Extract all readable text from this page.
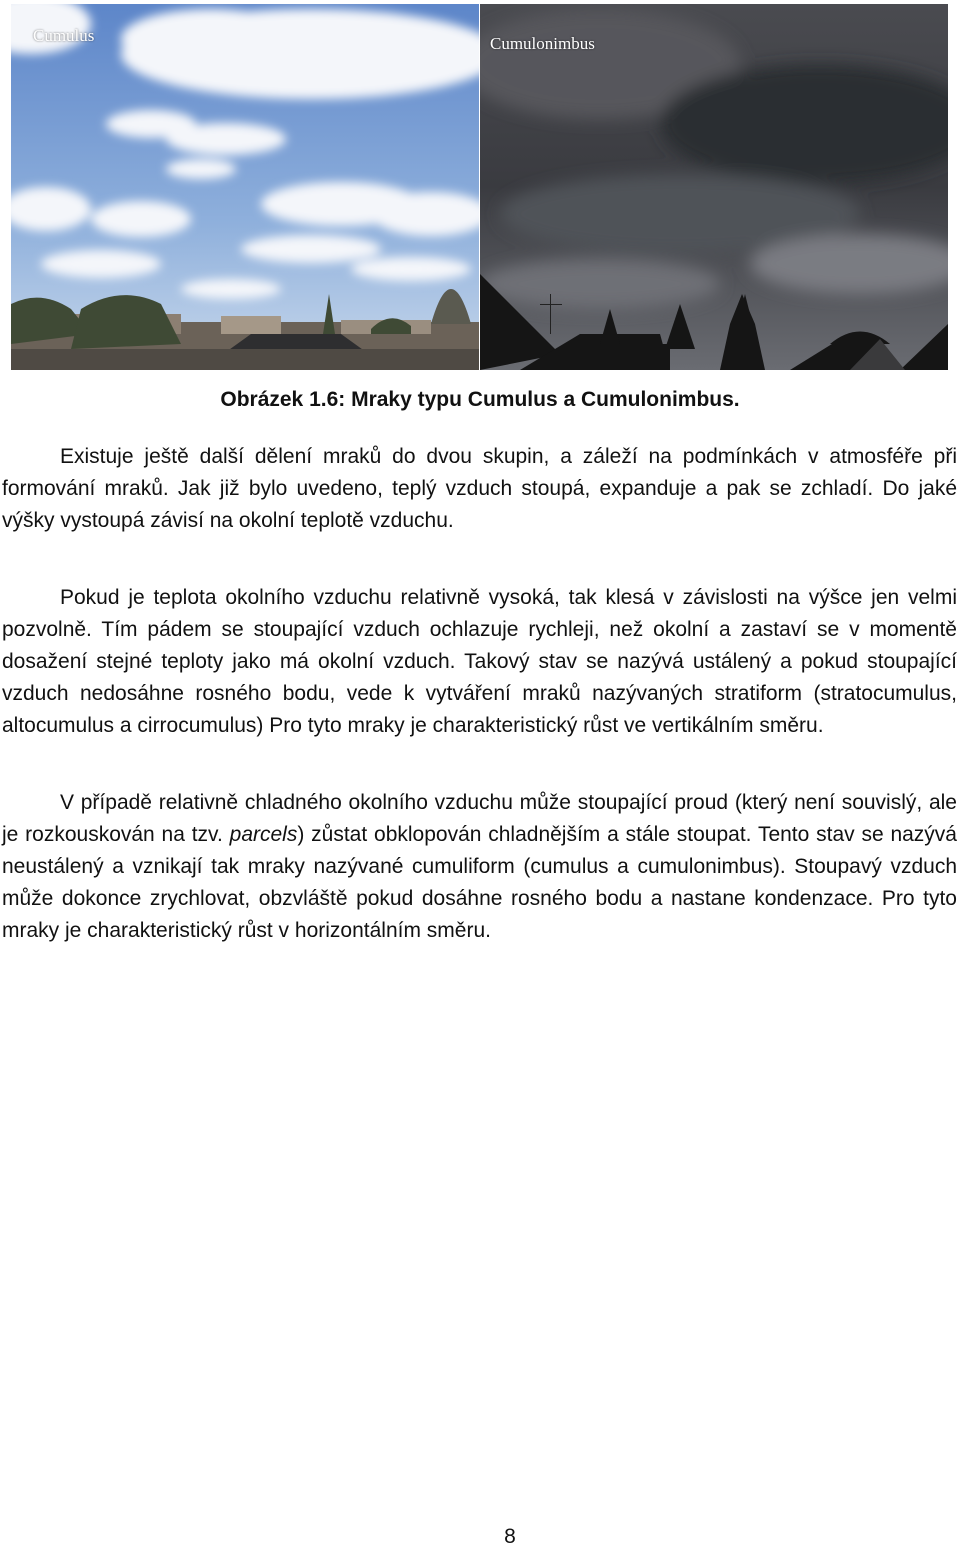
Cumulus	Cumulonimbus
Obrázek 1.6: Mraky typu Cumulus a Cumulonimbus.

Existuje ještě další dělení mraků do dvou skupin, a záleží na podmínkách v atmosféře při formování mraků. Jak již bylo uvedeno, teplý vzduch stoupá, expanduje a pak se zchladí. Do jaké výšky vystoupá závisí na okolní teplotě vzduchu.

Pokud je teplota okolního vzduchu relativně vysoká, tak klesá v závislosti na výšce jen velmi pozvolně. Tím pádem se stoupající vzduch ochlazuje rychleji, než okolní a zastaví se v momentě dosažení stejné teploty jako má okolní vzduch. Takový stav se nazývá ustálený a pokud stoupající vzduch nedosáhne rosného bodu, vede k vytváření mraků nazývaných stratiform (stratocumulus, altocumulus a cirrocumulus) Pro tyto mraky je charakteristický růst ve vertikálním směru.

V případě relativně chladného okolního vzduchu může stoupající proud (který není souvislý, ale je rozkouskován na tzv. parcels) zůstat obklopován chladnějším a stále stoupat. Tento stav se nazývá neustálený a vznikají tak mraky nazývané cumuliform (cumulus a cumulonimbus). Stoupavý vzduch může dokonce zrychlovat, obzvláště pokud dosáhne rosného bodu a nastane kondenzace. Pro tyto mraky je charakteristický růst v horizontálním směru.

8
